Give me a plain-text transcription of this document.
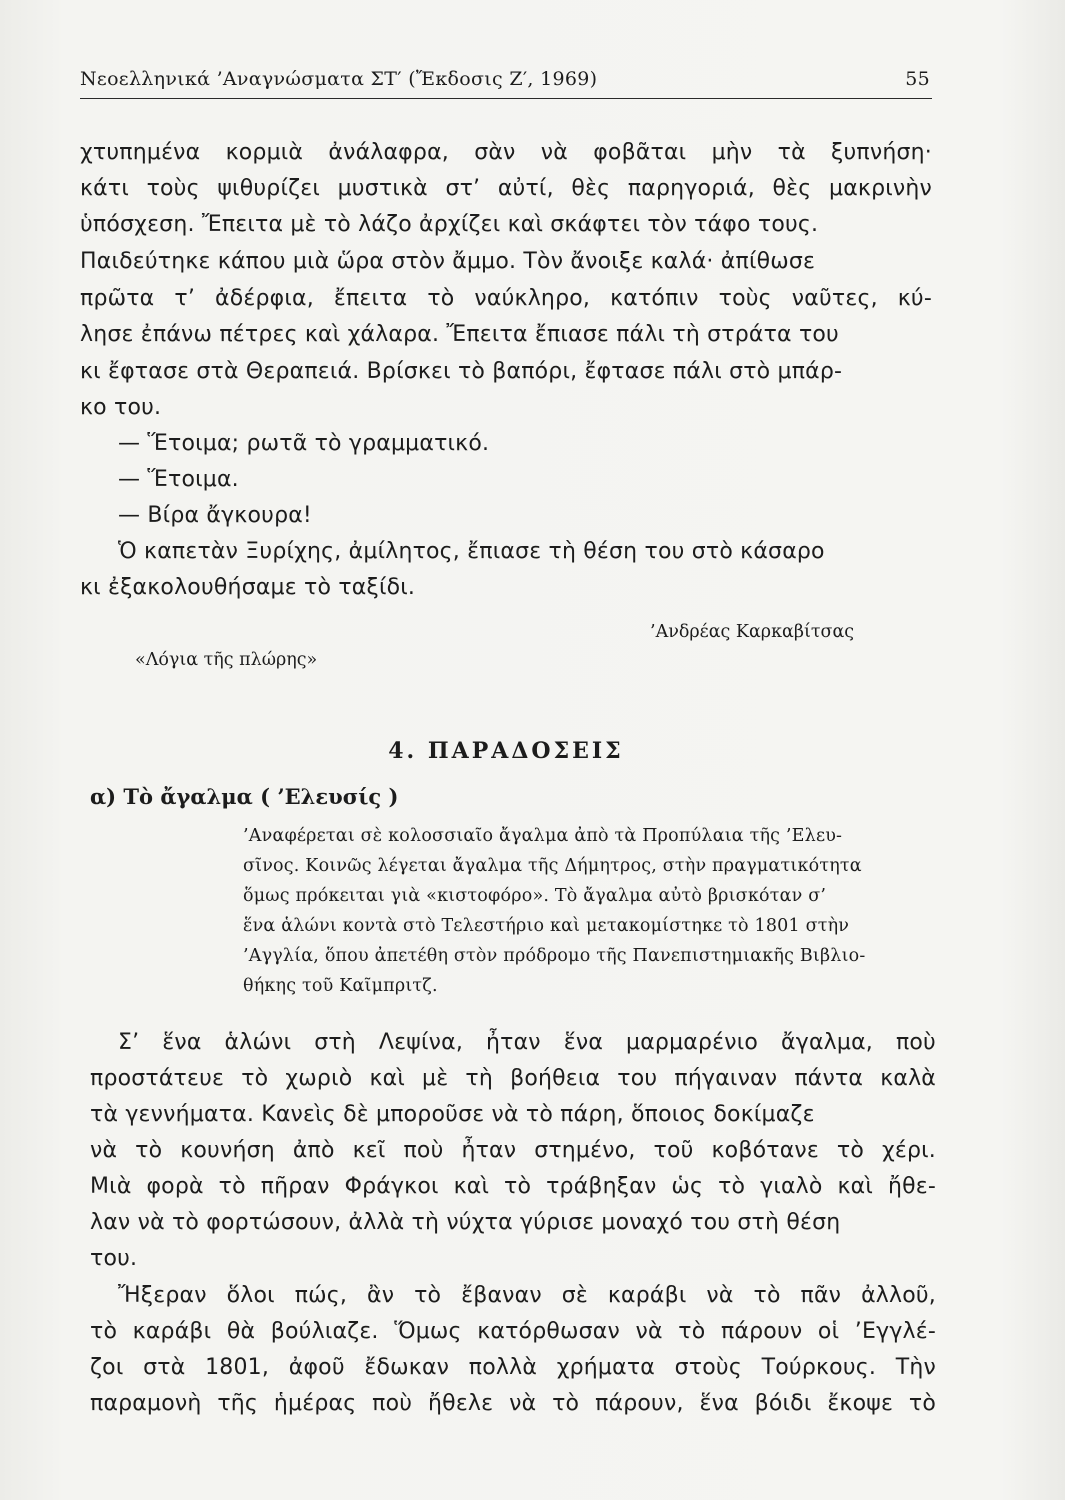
Νεοελληνικά ’Αναγνώσματα ΣΤ′ (Ἔκδοσις Ζ′, 1969)	55
χτυπημένα κορμιὰ ἀνάλαφρα, σὰν νὰ φοβᾶται μὴν τὰ ξυπνήση·
κάτι τοὺς ψιθυρίζει μυστικὰ στ’ αὐτί, θὲς παρηγοριά, θὲς μακρινὴν
ὑπόσχεση. Ἔπειτα μὲ τὸ λάζο ἀρχίζει καὶ σκάφτει τὸν τάφο τους.
Παιδεύτηκε κάπου μιὰ ὥρα στὸν ἄμμο. Τὸν ἄνοιξε καλά· ἀπίθωσε
πρῶτα τ’ ἀδέρφια, ἔπειτα τὸ ναύκληρο, κατόπιν τοὺς ναῦτες, κύ-
λησε ἐπάνω πέτρες καὶ χάλαρα. Ἔπειτα ἔπιασε πάλι τὴ στράτα του
κι ἔφτασε στὰ Θεραπειά. Βρίσκει τὸ βαπόρι, ἔφτασε πάλι στὸ μπάρ-
κο του.
— Ἕτοιμα; ρωτᾶ τὸ γραμματικό.
— Ἕτοιμα.
— Βίρα ἄγκουρα!
Ὁ καπετὰν Ξυρίχης, ἀμίλητος, ἔπιασε τὴ θέση του στὸ κάσαρο
κι ἐξακολουθήσαμε τὸ ταξίδι.
’Ανδρέας Καρκαβίτσας
«Λόγια τῆς πλώρης»
4. ΠΑΡΑΔΟΣΕΙΣ
α) Τὸ ἄγαλμα ( ’Ελευσίς )
’Αναφέρεται σὲ κολοσσιαῖο ἄγαλμα ἀπὸ τὰ Προπύλαια τῆς ’Ελευ-
σῖνος. Κοινῶς λέγεται ἄγαλμα τῆς Δήμητρος, στὴν πραγματικότητα
ὅμως πρόκειται γιὰ «κιστοφόρο». Τὸ ἄγαλμα αὐτὸ βρισκόταν σ’
ἕνα ἁλώνι κοντὰ στὸ Τελεστήριο καὶ μετακομίστηκε τὸ 1801 στὴν
’Αγγλία, ὅπου ἀπετέθη στὸν πρόδρομο τῆς Πανεπιστημιακῆς Βιβλιο-
θήκης τοῦ Καῖμπριτζ.
Σ’ ἕνα ἁλώνι στὴ Λεψίνα, ἦταν ἕνα μαρμαρένιο ἄγαλμα, ποὺ
προστάτευε τὸ χωριὸ καὶ μὲ τὴ βοήθεια του πήγαιναν πάντα καλὰ
τὰ γεννήματα. Κανεὶς δὲ μποροῦσε νὰ τὸ πάρη, ὅποιος δοκίμαζε
νὰ τὸ κουνήση ἀπὸ κεῖ ποὺ ἦταν στημένο, τοῦ κοβότανε τὸ χέρι.
Μιὰ φορὰ τὸ πῆραν Φράγκοι καὶ τὸ τράβηξαν ὡς τὸ γιαλὸ καὶ ἤθε-
λαν νὰ τὸ φορτώσουν, ἀλλὰ τὴ νύχτα γύρισε μοναχό του στὴ θέση
του.
Ἤξεραν ὅλοι πώς, ἂν τὸ ἔβαναν σὲ καράβι νὰ τὸ πᾶν ἀλλοῦ,
τὸ καράβι θὰ βούλιαζε. Ὅμως κατόρθωσαν νὰ τὸ πάρουν οἱ ’Εγγλέ-
ζοι στὰ 1801, ἀφοῦ ἔδωκαν πολλὰ χρήματα στοὺς Τούρκους. Τὴν
παραμονὴ τῆς ἡμέρας ποὺ ἤθελε νὰ τὸ πάρουν, ἕνα βόιδι ἔκοψε τὸ
